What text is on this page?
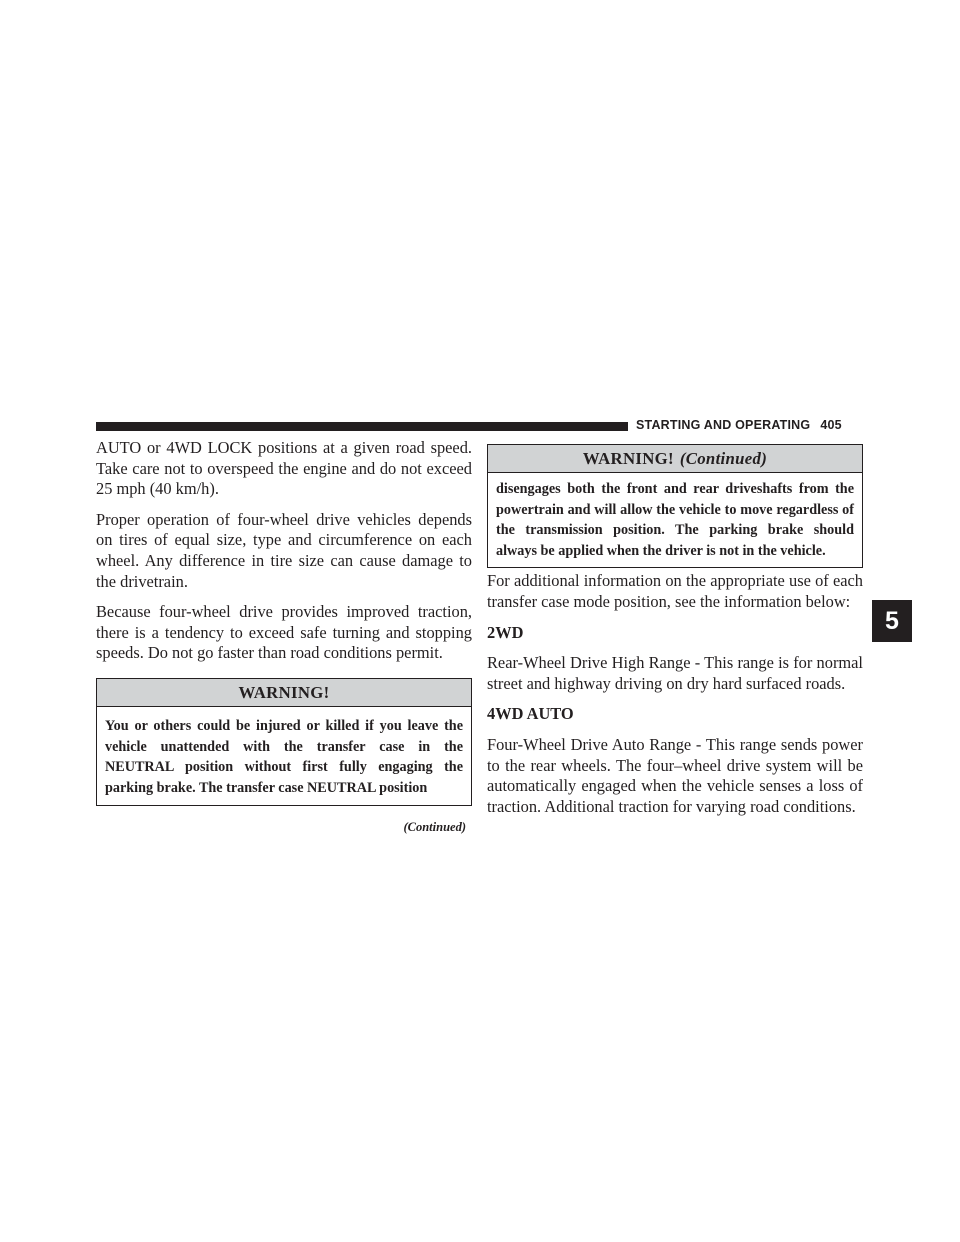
STARTING AND OPERATING 405

AUTO or 4WD LOCK positions at a given road speed. Take care not to overspeed the engine and do not exceed 25 mph (40 km/h).

Proper operation of four-wheel drive vehicles depends on tires of equal size, type and circumference on each wheel. Any difference in tire size can cause damage to the drivetrain.

Because four-wheel drive provides improved traction, there is a tendency to exceed safe turning and stopping speeds. Do not go faster than road conditions permit.

WARNING!
You or others could be injured or killed if you leave the vehicle unattended with the transfer case in the NEUTRAL position without first fully engaging the parking brake. The transfer case NEUTRAL position
(Continued)
WARNING! (Continued)
disengages both the front and rear driveshafts from the powertrain and will allow the vehicle to move regardless of the transmission position. The parking brake should always be applied when the driver is not in the vehicle.

For additional information on the appropriate use of each transfer case mode position, see the information below:

2WD

Rear-Wheel Drive High Range - This range is for normal street and highway driving on dry hard surfaced roads.

4WD AUTO

Four-Wheel Drive Auto Range - This range sends power to the rear wheels. The four–wheel drive system will be automatically engaged when the vehicle senses a loss of traction. Additional traction for varying road conditions.

5
